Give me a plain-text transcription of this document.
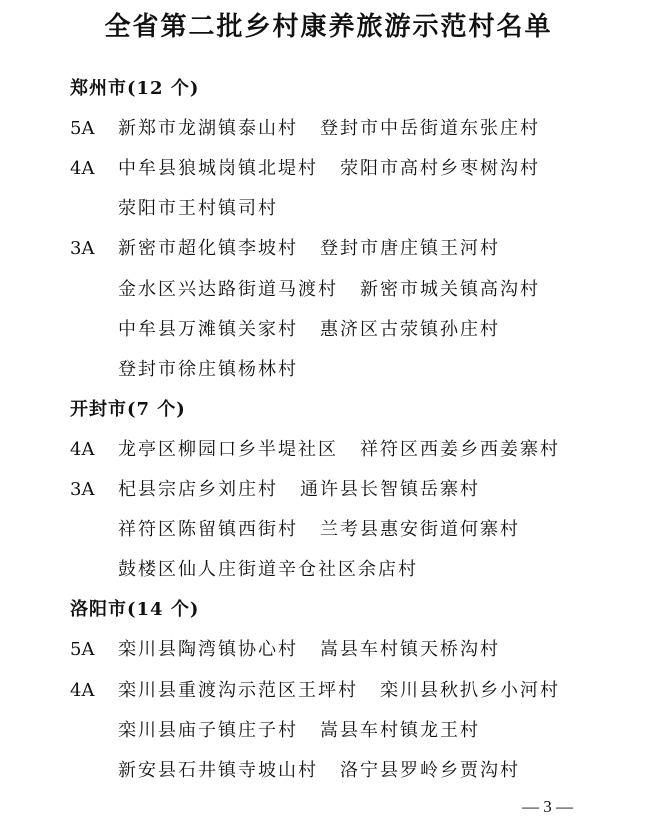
全省第二批乡村康养旅游示范村名单
郑州市(12 个)
5A	新郑市龙湖镇泰山村 登封市中岳街道东张庄村
4A	中牟县狼城岗镇北堤村 荥阳市高村乡枣树沟村
荥阳市王村镇司村
3A	新密市超化镇李坡村 登封市唐庄镇王河村
金水区兴达路街道马渡村 新密市城关镇高沟村
中牟县万滩镇关家村 惠济区古荥镇孙庄村
登封市徐庄镇杨林村
开封市(7 个)
4A	龙亭区柳园口乡半堤社区 祥符区西姜乡西姜寨村
3A	杞县宗店乡刘庄村 通许县长智镇岳寨村
祥符区陈留镇西街村 兰考县惠安街道何寨村
鼓楼区仙人庄街道辛仓社区余店村
洛阳市(14 个)
5A	栾川县陶湾镇协心村 嵩县车村镇天桥沟村
4A	栾川县重渡沟示范区王坪村 栾川县秋扒乡小河村
栾川县庙子镇庄子村 嵩县车村镇龙王村
新安县石井镇寺坡山村 洛宁县罗岭乡贾沟村
— 3 —
